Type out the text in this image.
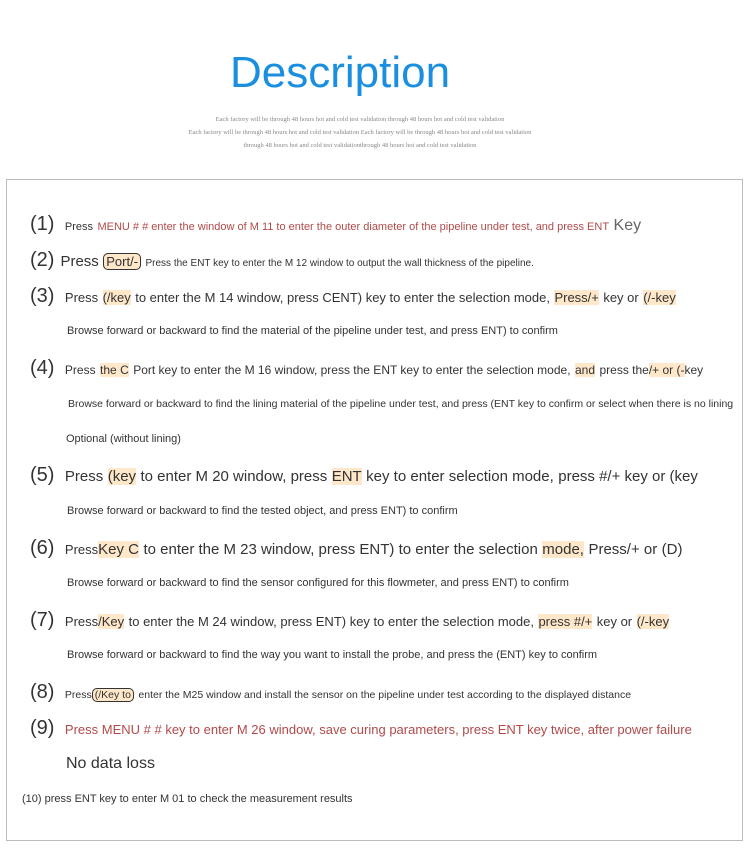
Description
Each factory will be through 48 hours hot and cold test validation through 48 hours hot and cold test validation
Each factory will be through 48 hours hot and cold test validation Each factory will be through 48 hours hot and cold test validation
through 48 hours hot and cold test validationthrough 48 hours hot and cold test validation
(1) Press MENU # # enter the window of M 11 to enter the outer diameter of the pipeline under test, and press ENT Key
(2) Press Port/- Press the ENT key to enter the M 12 window to output the wall thickness of the pipeline.
(3) Press (/key to enter the M 14 window, press CENT) key to enter the selection mode, Press/+ key or (/-key
Browse forward or backward to find the material of the pipeline under test, and press ENT) to confirm
(4) Press the C Port key to enter the M 16 window, press the ENT key to enter the selection mode, and press the/+ or (-key
Browse forward or backward to find the lining material of the pipeline under test, and press (ENT key to confirm or select when there is no lining
Optional (without lining)
(5) Press (key to enter M 20 window, press ENT key to enter selection mode, press #/+ key or (key
Browse forward or backward to find the tested object, and press ENT) to confirm
(6) PressKey C to enter the M 23 window, press ENT) to enter the selection mode, Press/+ or (D)
Browse forward or backward to find the sensor configured for this flowmeter, and press ENT) to confirm
(7) Press/Key to enter the M 24 window, press ENT) key to enter the selection mode, press #/+ key or (/-key
Browse forward or backward to find the way you want to install the probe, and press the (ENT) key to confirm
(8) Press (/Key to enter the M25 window and install the sensor on the pipeline under test according to the displayed distance
(9) Press MENU # # key to enter M 26 window, save curing parameters, press ENT key twice, after power failure
No data loss
(10) press ENT key to enter M 01 to check the measurement results
